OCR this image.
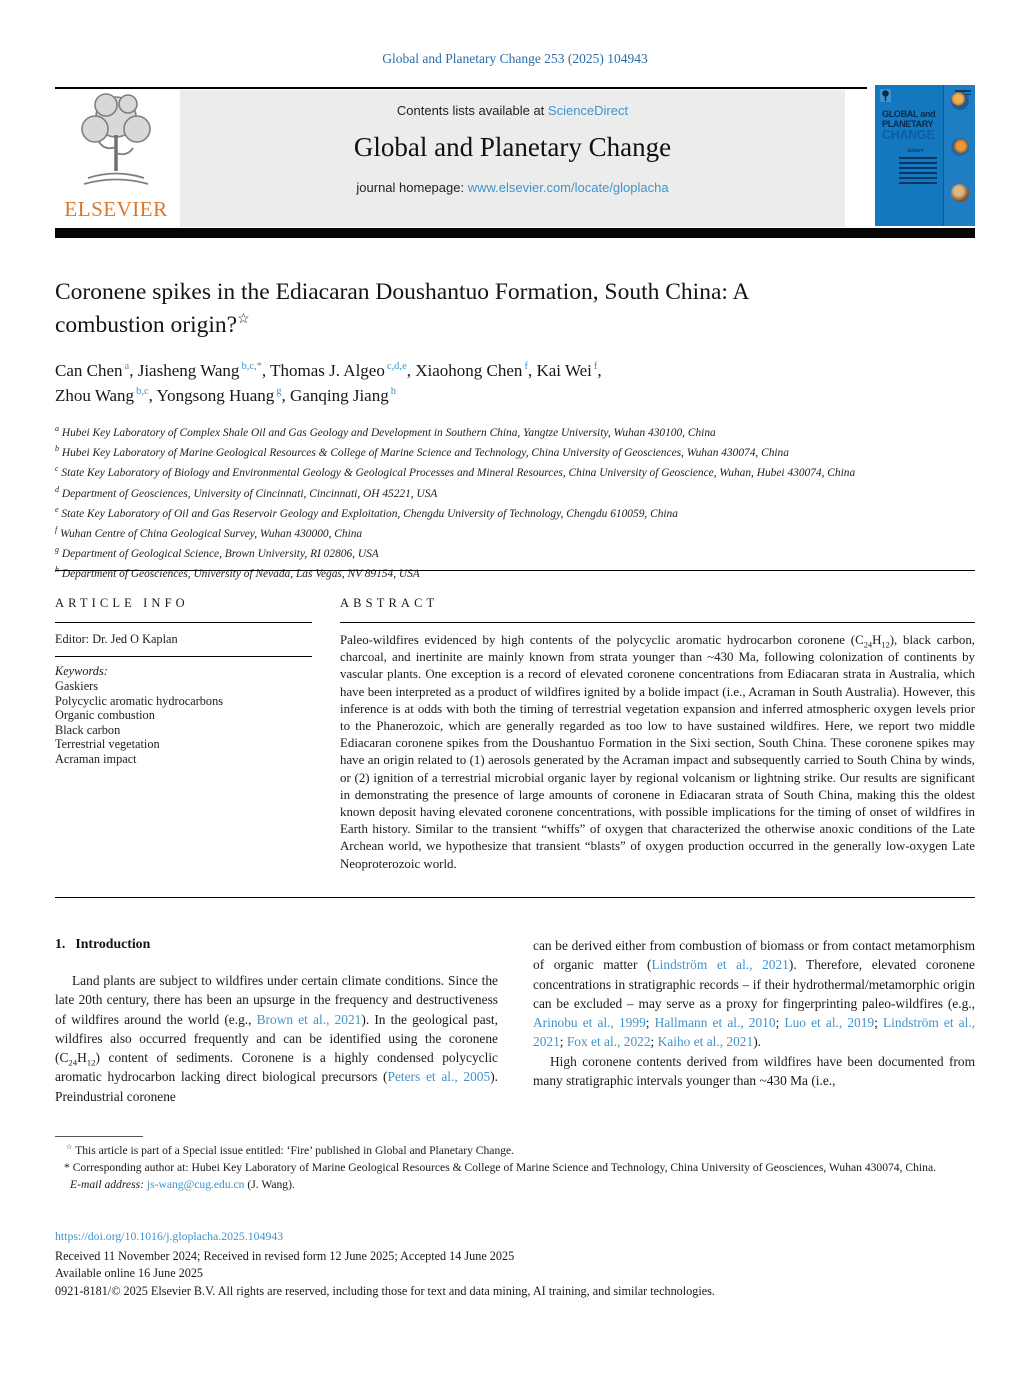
Global and Planetary Change 253 (2025) 104943
ELSEVIER
Contents lists available at ScienceDirect
Global and Planetary Change
journal homepage: www.elsevier.com/locate/gloplacha
GLOBAL and
PLANETARY
CHANGE
Editors
Coronene spikes in the Ediacaran Doushantuo Formation, South China: A
combustion origin?☆
Can Chen $^a$, Jiasheng Wang $^{b,c,*}$, Thomas J. Algeo $^{c,d,e}$, Xiaohong Chen $^f$, Kai Wei $^f$,
Zhou Wang $^{b,c}$, Yongsong Huang $^g$, Ganqing Jiang $^h$
$^a$ Hubei Key Laboratory of Complex Shale Oil and Gas Geology and Development in Southern China, Yangtze University, Wuhan 430100, China
$^b$ Hubei Key Laboratory of Marine Geological Resources & College of Marine Science and Technology, China University of Geosciences, Wuhan 430074, China
$^c$ State Key Laboratory of Biology and Environmental Geology & Geological Processes and Mineral Resources, China University of Geoscience, Wuhan, Hubei 430074, China
$^d$ Department of Geosciences, University of Cincinnati, Cincinnati, OH 45221, USA
$^e$ State Key Laboratory of Oil and Gas Reservoir Geology and Exploitation, Chengdu University of Technology, Chengdu 610059, China
$^f$ Wuhan Centre of China Geological Survey, Wuhan 430000, China
$^g$ Department of Geological Science, Brown University, RI 02806, USA
$^h$ Department of Geosciences, University of Nevada, Las Vegas, NV 89154, USA
ARTICLE INFO
Editor: Dr. Jed O Kaplan
Keywords:
Gaskiers
Polycyclic aromatic hydrocarbons
Organic combustion
Black carbon
Terrestrial vegetation
Acraman impact
ABSTRACT

Paleo-wildfires evidenced by high contents of the polycyclic aromatic hydrocarbon coronene $(C_{24}H_{12})$, black carbon, charcoal, and inertinite are mainly known from strata younger than ~430 Ma, following colonization of continents by vascular plants. One exception is a record of elevated coronene concentrations from Ediacaran strata in Australia, which have been interpreted as a product of wildfires ignited by a bolide impact (i.e., Acraman in South Australia). However, this inference is at odds with both the timing of terrestrial vegetation expansion and inferred atmospheric oxygen levels prior to the Phanerozoic, which are generally regarded as too low to have sustained wildfires. Here, we report two middle Ediacaran coronene spikes from the Doushantuo Formation in the Sixi section, South China. These coronene spikes may have an origin related to (1) aerosols generated by the Acraman impact and subsequently carried to South China by winds, or (2) ignition of a terrestrial microbial organic layer by regional volcanism or lightning strike. Our results are significant in demonstrating the presence of large amounts of coronene in Ediacaran strata of South China, making this the oldest known deposit having elevated coronene concentrations, with possible implications for the timing of onset of wildfires in Earth history. Similar to the transient “whiffs” of oxygen that characterized the otherwise anoxic conditions of the Late Archean world, we hypothesize that transient “blasts” of oxygen production occurred in the generally low-oxygen Late Neoproterozoic world.

1. Introduction

Land plants are subject to wildfires under certain climate conditions. Since the late 20th century, there has been an upsurge in the frequency and destructiveness of wildfires around the world (e.g., Brown et al., 2021). In the geological past, wildfires also occurred frequently and can be identified using the coronene $(C_{24}H_{12})$ content of sediments. Coronene is a highly condensed polycyclic aromatic hydrocarbon lacking direct biological precursors (Peters et al., 2005). Preindustrial coronene

can be derived either from combustion of biomass or from contact metamorphism of organic matter (Lindström et al., 2021). Therefore, elevated coronene concentrations in stratigraphic records – if their hydrothermal/metamorphic origin can be excluded – may serve as a proxy for fingerprinting paleo-wildfires (e.g., Arinobu et al., 1999; Hallmann et al., 2010; Luo et al., 2019; Lindström et al., 2021; Fox et al., 2022; Kaiho et al., 2021).

High coronene contents derived from wildfires have been documented from many stratigraphic intervals younger than ~430 Ma (i.e.,

☆ This article is part of a Special issue entitled: ‘Fire’ published in Global and Planetary Change.

* Corresponding author at: Hubei Key Laboratory of Marine Geological Resources & College of Marine Science and Technology, China University of Geosciences, Wuhan 430074, China.

E-mail address: js-wang@cug.edu.cn (J. Wang).

https://doi.org/10.1016/j.gloplacha.2025.104943
Received 11 November 2024; Received in revised form 12 June 2025; Accepted 14 June 2025
Available online 16 June 2025
0921-8181/© 2025 Elsevier B.V. All rights are reserved, including those for text and data mining, AI training, and similar technologies.
